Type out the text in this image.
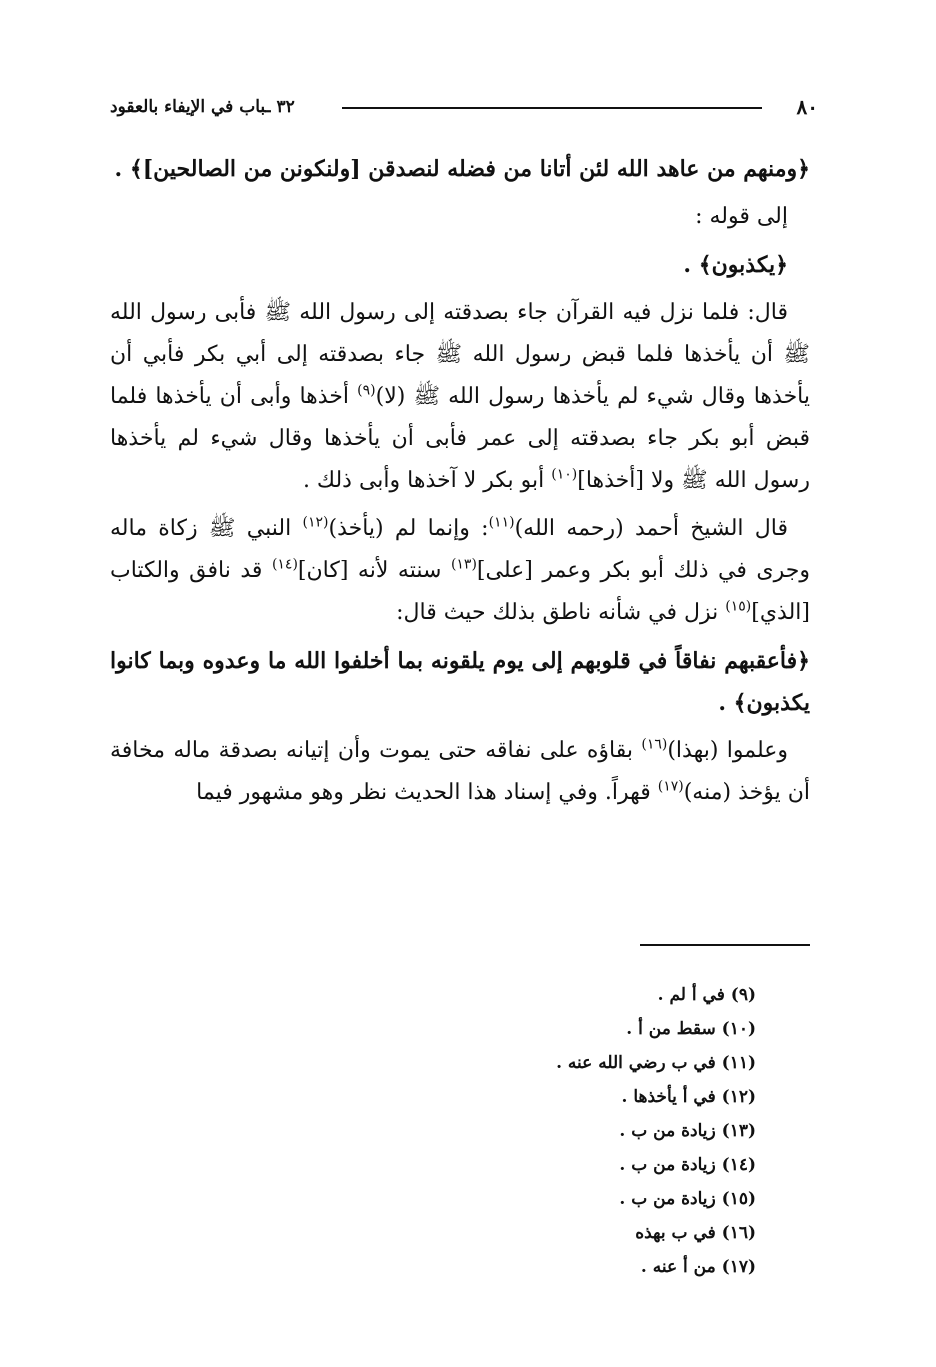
٨٠
٣٢ ـباب في الإيفاء بالعقود

﴿ومنهم من عاهد الله لئن أتانا من فضله لنصدقن [ولنكونن من الصالحين]﴾ .

إلى قوله :

﴿يكذبون﴾ .

قال: فلما نزل فيه القرآن جاء بصدقته إلى رسول الله ﷺ فأبى رسول الله ﷺ أن يأخذها فلما قبض رسول الله ﷺ جاء بصدقته إلى أبي بكر فأبي أن يأخذها وقال شيء لم يأخذها رسول الله ﷺ (لا)$^{(٩)}$ أخذها وأبى أن يأخذها فلما قبض أبو بكر جاء بصدقته إلى عمر فأبى أن يأخذها وقال شيء لم يأخذها رسول الله ﷺ ولا [أخذها]$^{(١٠)}$ أبو بكر لا آخذها وأبى ذلك .

قال الشيخ أحمد (رحمه الله)$^{(١١)}$: وإنما لم (يأخذ)$^{(١٢)}$ النبي ﷺ زكاة ماله وجرى في ذلك أبو بكر وعمر [على]$^{(١٣)}$ سنته لأنه [كان]$^{(١٤)}$ قد نافق والكتاب [الذي]$^{(١٥)}$ نزل في شأنه ناطق بذلك حيث قال:

﴿فأعقبهم نفاقاً في قلوبهم إلى يوم يلقونه بما أخلفوا الله ما وعدوه وبما كانوا يكذبون﴾ .

وعلموا (بهذا)$^{(١٦)}$ بقاؤه على نفاقه حتى يموت وأن إتيانه بصدقة ماله مخافة أن يؤخذ (منه)$^{(١٧)}$ قهراً. وفي إسناد هذا الحديث نظر وهو مشهور فيما

(٩) في أ لم .
(١٠) سقط من أ .
(١١) في ب رضي الله عنه .
(١٢) في أ يأخذها .
(١٣) زيادة من ب .
(١٤) زيادة من ب .
(١٥) زيادة من ب .
(١٦) في ب بهذه
(١٧) من أ عنه .
